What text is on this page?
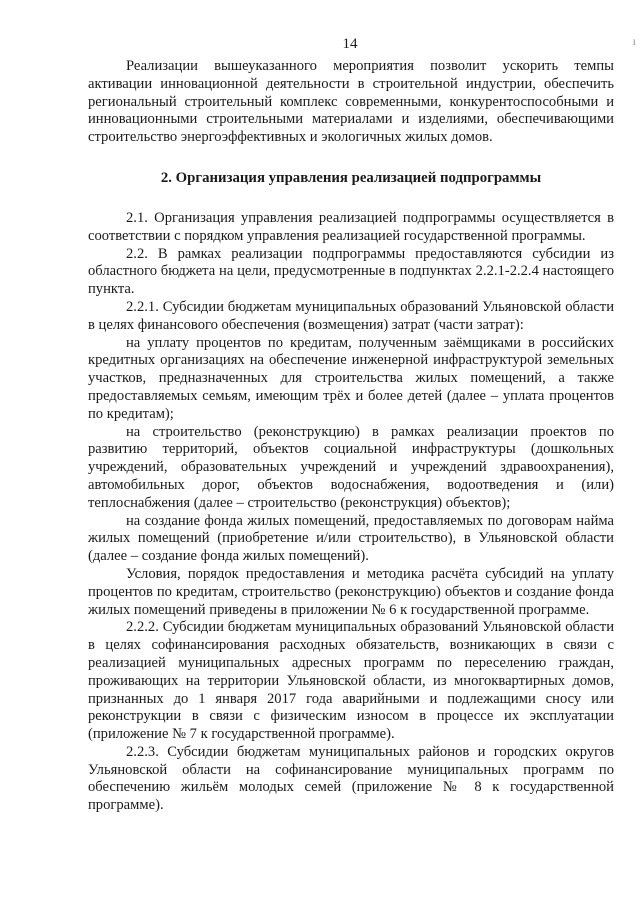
14	ı

Реализации вышеуказанного мероприятия позволит ускорить темпы активации инновационной деятельности в строительной индустрии, обеспечить региональный строительный комплекс современными, конкурентоспособными и инновационными строительными материалами и изделиями, обеспечивающими строительство энергоэффективных и экологичных жилых домов.

2. Организация управления реализацией подпрограммы

2.1. Организация управления реализацией подпрограммы осуществляется в соответствии с порядком управления реализацией государственной программы.

2.2. В рамках реализации подпрограммы предоставляются субсидии из областного бюджета на цели, предусмотренные в подпунктах 2.2.1-2.2.4 настоящего пункта.

2.2.1. Субсидии бюджетам муниципальных образований Ульяновской области в целях финансового обеспечения (возмещения) затрат (части затрат):

на уплату процентов по кредитам, полученным заёмщиками в российских кредитных организациях на обеспечение инженерной инфраструктурой земельных участков, предназначенных для строительства жилых помещений, а также предоставляемых семьям, имеющим трёх и более детей (далее – уплата процентов по кредитам);

на строительство (реконструкцию) в рамках реализации проектов по развитию территорий, объектов социальной инфраструктуры (дошкольных учреждений, образовательных учреждений и учреждений здравоохранения), автомобильных дорог, объектов водоснабжения, водоотведения и (или) теплоснабжения (далее – строительство (реконструкция) объектов);

на создание фонда жилых помещений, предоставляемых по договорам найма жилых помещений (приобретение и/или строительство), в Ульяновской области (далее – создание фонда жилых помещений).

Условия, порядок предоставления и методика расчёта субсидий на уплату процентов по кредитам, строительство (реконструкцию) объектов и создание фонда жилых помещений приведены в приложении № 6 к государственной программе.

2.2.2. Субсидии бюджетам муниципальных образований Ульяновской области в целях софинансирования расходных обязательств, возникающих в связи с реализацией муниципальных адресных программ по переселению граждан, проживающих на территории Ульяновской области, из многоквартирных домов, признанных до 1 января 2017 года аварийными и подлежащими сносу или реконструкции в связи с физическим износом в процессе их эксплуатации (приложение № 7 к государственной программе).

2.2.3. Субсидии бюджетам муниципальных районов и городских округов Ульяновской области на софинансирование муниципальных программ по обеспечению жильём молодых семей (приложение № 8 к государственной программе).
